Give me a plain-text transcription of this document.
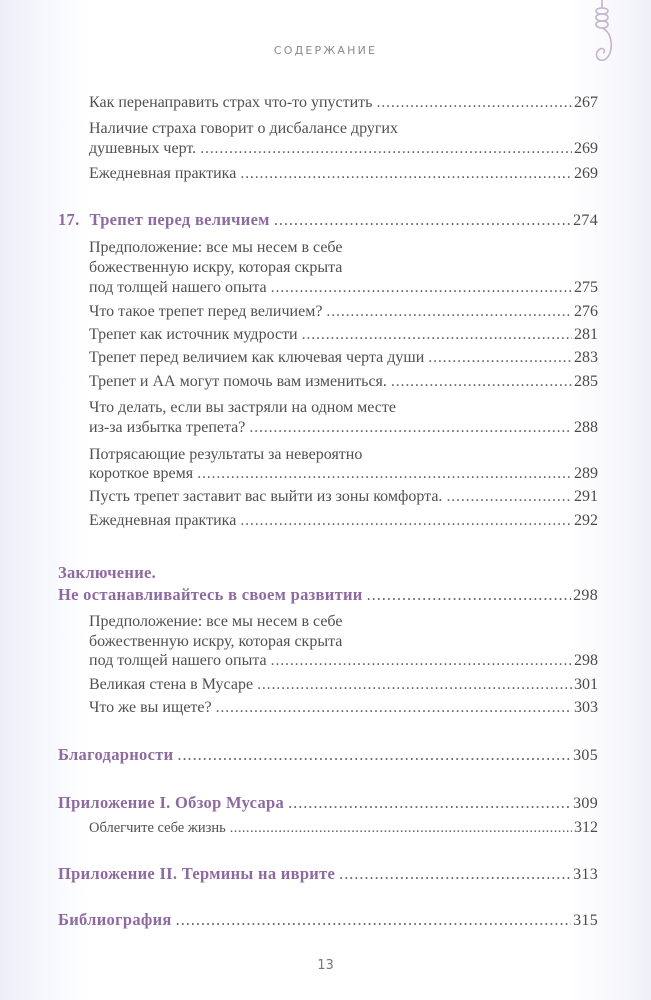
СОДЕРЖАНИЕ
Как перенаправить страх что-то упустить . . .	267
Наличие страха говорит о дисбалансе других
душевных черт. . . .	269
Ежедневная практика . . .	269
17. Трепет перед величием . . .	274
Предположение: все мы несем в себе
божественную искру, которая скрыта
под толщей нашего опыта . . .	275
Что такое трепет перед величием? . . .	276
Трепет как источник мудрости . . .	281
Трепет перед величием как ключевая черта души . . .	283
Трепет и АА могут помочь вам измениться. . . .	285
Что делать, если вы застряли на одном месте
из-за избытка трепета? . . .	288
Потрясающие результаты за невероятно
короткое время . . .	289
Пусть трепет заставит вас выйти из зоны комфорта. . . .	291
Ежедневная практика . . .	292
Заключение.
Не останавливайтесь в своем развитии . . .	298
Предположение: все мы несем в себе
божественную искру, которая скрыта
под толщей нашего опыта . . .	298
Великая стена в Мусаре . . .	301
Что же вы ищете? . . .	303
Благодарности . . .	305
Приложение I. Обзор Мусара . . .	309
Облегчите себе жизнь . . .	312
Приложение II. Термины на иврите . . .	313
Библиография . . .	315
13
